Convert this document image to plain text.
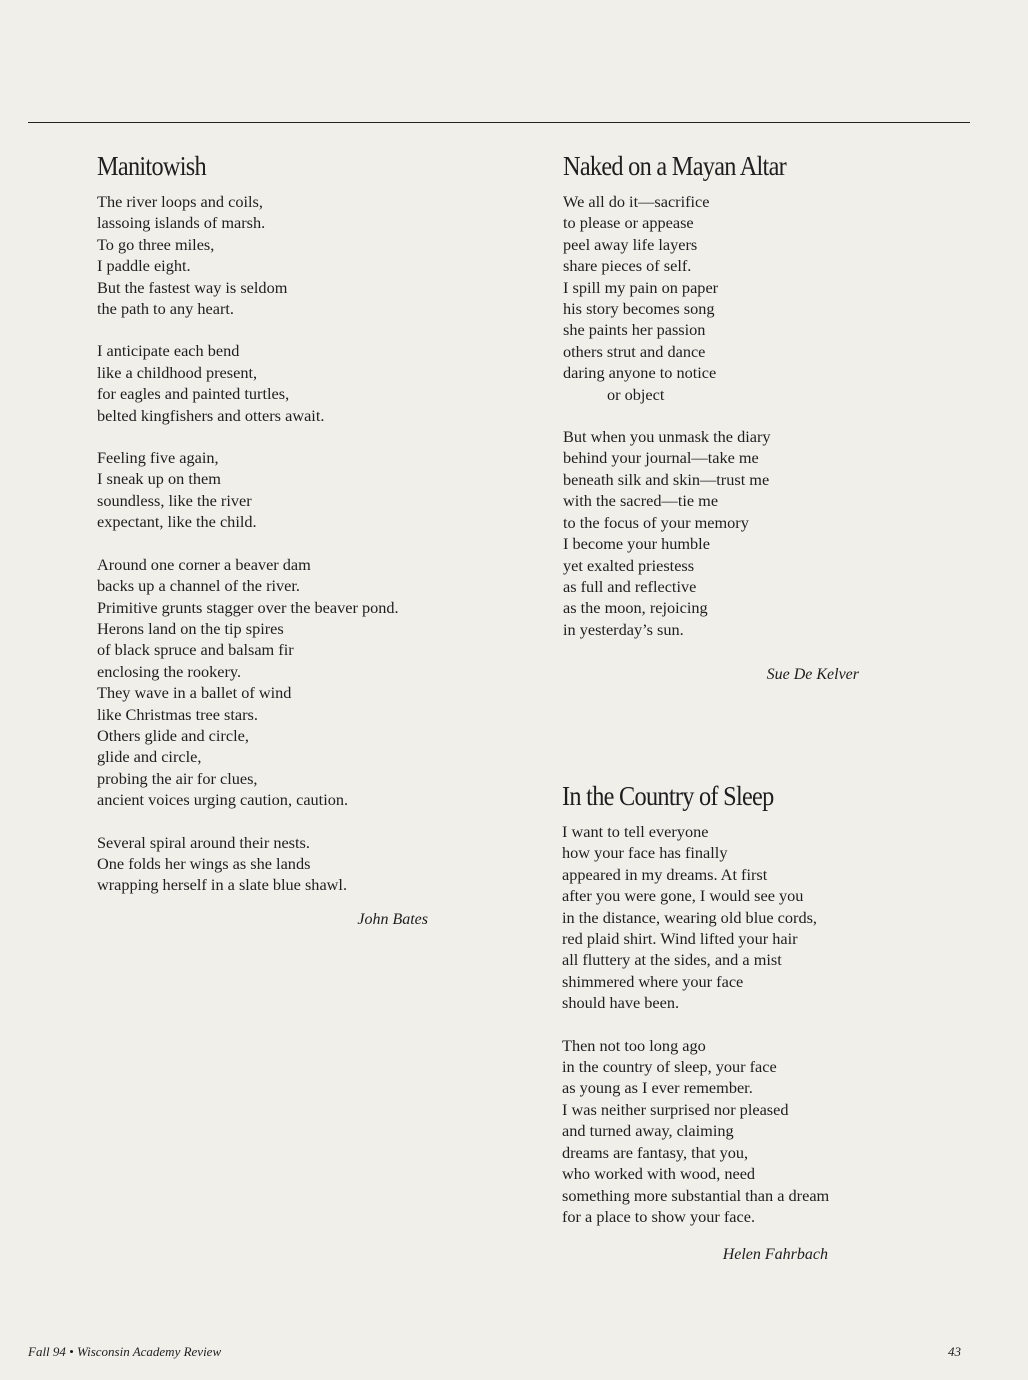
Manitowish
The river loops and coils,
lassoing islands of marsh.
To go three miles,
I paddle eight.
But the fastest way is seldom
the path to any heart.
I anticipate each bend
like a childhood present,
for eagles and painted turtles,
belted kingfishers and otters await.
Feeling five again,
I sneak up on them
soundless, like the river
expectant, like the child.
Around one corner a beaver dam
backs up a channel of the river.
Primitive grunts stagger over the beaver pond.
Herons land on the tip spires
of black spruce and balsam fir
enclosing the rookery.
They wave in a ballet of wind
like Christmas tree stars.
Others glide and circle,
glide and circle,
probing the air for clues,
ancient voices urging caution, caution.
Several spiral around their nests.
One folds her wings as she lands
wrapping herself in a slate blue shawl.
John Bates
Naked on a Mayan Altar
We all do it—sacrifice
to please or appease
peel away life layers
share pieces of self.
I spill my pain on paper
his story becomes song
she paints her passion
others strut and dance
daring anyone to notice
or object
But when you unmask the diary
behind your journal—take me
beneath silk and skin—trust me
with the sacred—tie me
to the focus of your memory
I become your humble
yet exalted priestess
as full and reflective
as the moon, rejoicing
in yesterday’s sun.
Sue De Kelver
In the Country of Sleep
I want to tell everyone
how your face has finally
appeared in my dreams. At first
after you were gone, I would see you
in the distance, wearing old blue cords,
red plaid shirt. Wind lifted your hair
all fluttery at the sides, and a mist
shimmered where your face
should have been.
Then not too long ago
in the country of sleep, your face
as young as I ever remember.
I was neither surprised nor pleased
and turned away, claiming
dreams are fantasy, that you,
who worked with wood, need
something more substantial than a dream
for a place to show your face.
Helen Fahrbach
Fall 94 • Wisconsin Academy Review	43
